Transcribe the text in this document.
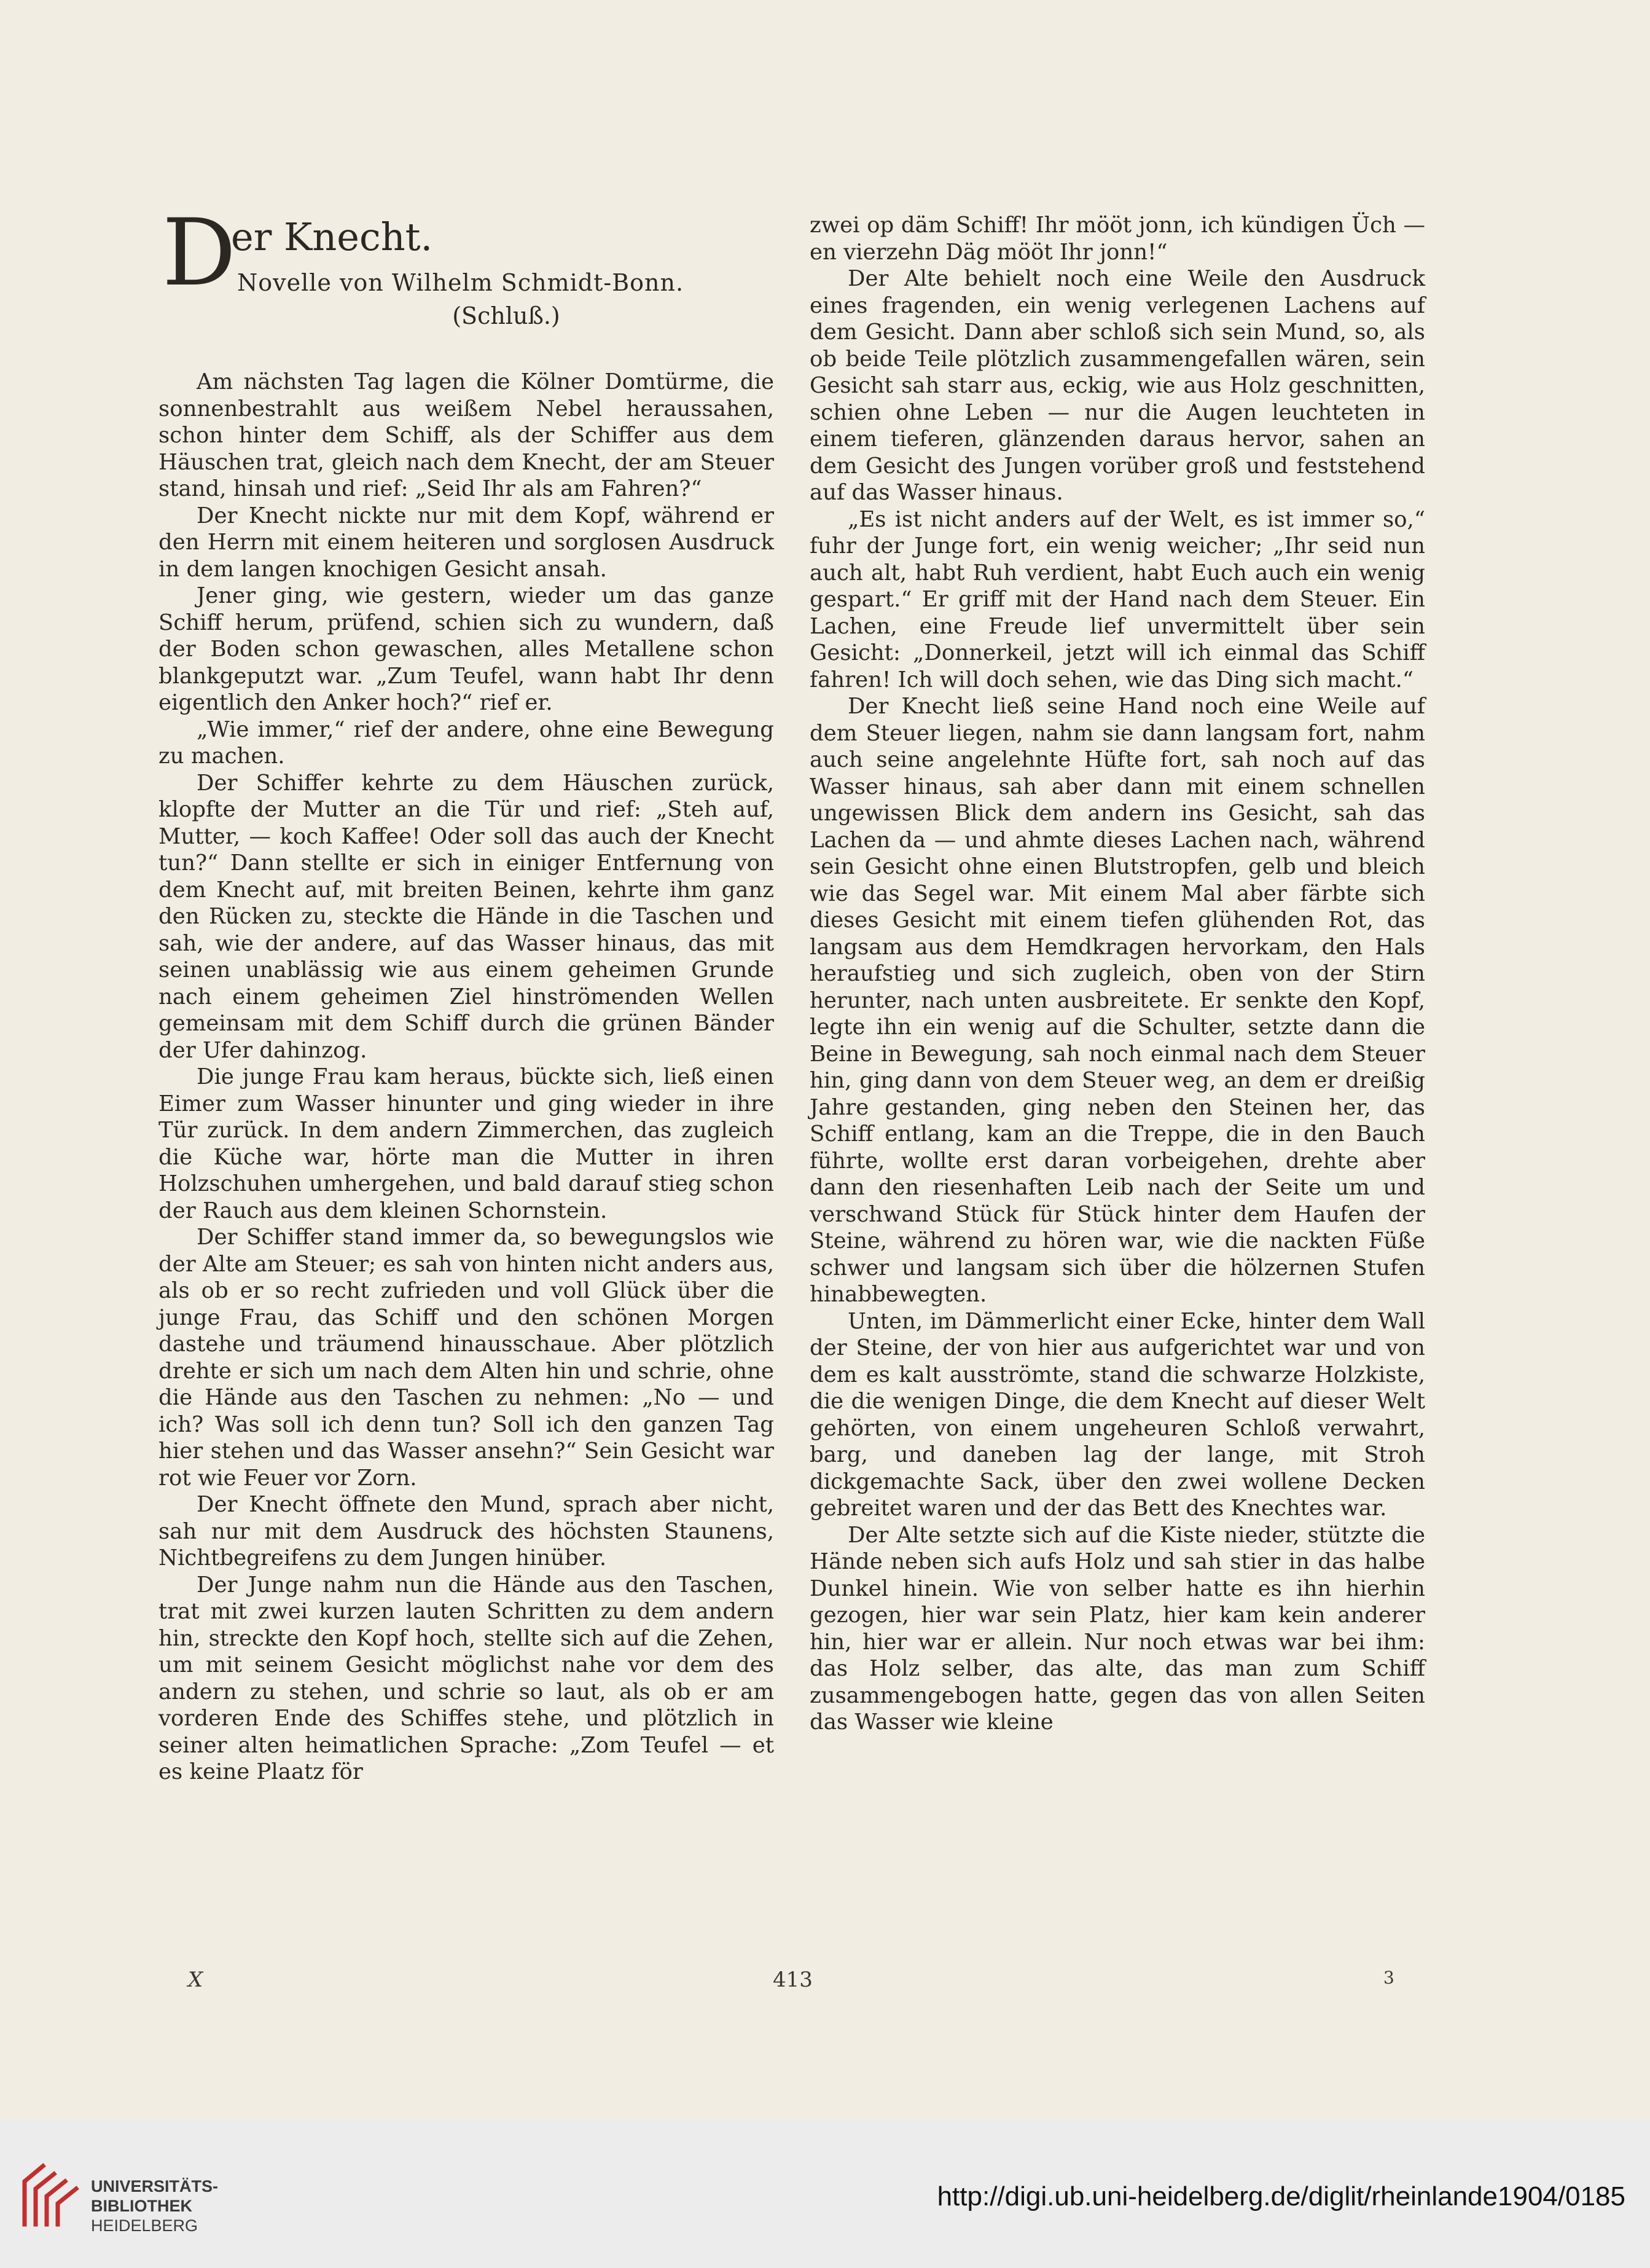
D
er Knecht.
Novelle von Wilhelm Schmidt-Bonn.
(Schluß.)

Am nächsten Tag lagen die Kölner Domtürme, die sonnenbestrahlt aus weißem Nebel heraussahen, schon hinter dem Schiff, als der Schiffer aus dem Häuschen trat, gleich nach dem Knecht, der am Steuer stand, hinsah und rief: „Seid Ihr als am Fahren?“

Der Knecht nickte nur mit dem Kopf, während er den Herrn mit einem heiteren und sorglosen Ausdruck in dem langen knochigen Gesicht ansah.

Jener ging, wie gestern, wieder um das ganze Schiff herum, prüfend, schien sich zu wundern, daß der Boden schon gewaschen, alles Metallene schon blankgeputzt war. „Zum Teufel, wann habt Ihr denn eigentlich den Anker hoch?“ rief er.

„Wie immer,“ rief der andere, ohne eine Bewegung zu machen.

Der Schiffer kehrte zu dem Häuschen zurück, klopfte der Mutter an die Tür und rief: „Steh auf, Mutter, — koch Kaffee! Oder soll das auch der Knecht tun?“ Dann stellte er sich in einiger Entfernung von dem Knecht auf, mit breiten Beinen, kehrte ihm ganz den Rücken zu, steckte die Hände in die Taschen und sah, wie der andere, auf das Wasser hinaus, das mit seinen unablässig wie aus einem geheimen Grunde nach einem geheimen Ziel hinströmenden Wellen gemeinsam mit dem Schiff durch die grünen Bänder der Ufer dahinzog.

Die junge Frau kam heraus, bückte sich, ließ einen Eimer zum Wasser hinunter und ging wieder in ihre Tür zurück. In dem andern Zimmerchen, das zugleich die Küche war, hörte man die Mutter in ihren Holzschuhen umhergehen, und bald darauf stieg schon der Rauch aus dem kleinen Schornstein.

Der Schiffer stand immer da, so bewegungslos wie der Alte am Steuer; es sah von hinten nicht anders aus, als ob er so recht zufrieden und voll Glück über die junge Frau, das Schiff und den schönen Morgen dastehe und träumend hinausschaue. Aber plötzlich drehte er sich um nach dem Alten hin und schrie, ohne die Hände aus den Taschen zu nehmen: „No — und ich? Was soll ich denn tun? Soll ich den ganzen Tag hier stehen und das Wasser ansehn?“ Sein Gesicht war rot wie Feuer vor Zorn.

Der Knecht öffnete den Mund, sprach aber nicht, sah nur mit dem Ausdruck des höchsten Staunens, Nichtbegreifens zu dem Jungen hinüber.

Der Junge nahm nun die Hände aus den Taschen, trat mit zwei kurzen lauten Schritten zu dem andern hin, streckte den Kopf hoch, stellte sich auf die Zehen, um mit seinem Gesicht möglichst nahe vor dem des andern zu stehen, und schrie so laut, als ob er am vorderen Ende des Schiffes stehe, und plötzlich in seiner alten heimatlichen Sprache: „Zom Teufel — et es keine Plaatz för

zwei op däm Schiff! Ihr mööt jonn, ich kündigen Üch — en vierzehn Däg mööt Ihr jonn!“

Der Alte behielt noch eine Weile den Ausdruck eines fragenden, ein wenig verlegenen Lachens auf dem Gesicht. Dann aber schloß sich sein Mund, so, als ob beide Teile plötzlich zusammengefallen wären, sein Gesicht sah starr aus, eckig, wie aus Holz geschnitten, schien ohne Leben — nur die Augen leuchteten in einem tieferen, glänzenden daraus hervor, sahen an dem Gesicht des Jungen vorüber groß und feststehend auf das Wasser hinaus.

„Es ist nicht anders auf der Welt, es ist immer so,“ fuhr der Junge fort, ein wenig weicher; „Ihr seid nun auch alt, habt Ruh verdient, habt Euch auch ein wenig gespart.“ Er griff mit der Hand nach dem Steuer. Ein Lachen, eine Freude lief unvermittelt über sein Gesicht: „Donnerkeil, jetzt will ich einmal das Schiff fahren! Ich will doch sehen, wie das Ding sich macht.“

Der Knecht ließ seine Hand noch eine Weile auf dem Steuer liegen, nahm sie dann langsam fort, nahm auch seine angelehnte Hüfte fort, sah noch auf das Wasser hinaus, sah aber dann mit einem schnellen ungewissen Blick dem andern ins Gesicht, sah das Lachen da — und ahmte dieses Lachen nach, während sein Gesicht ohne einen Blutstropfen, gelb und bleich wie das Segel war. Mit einem Mal aber färbte sich dieses Gesicht mit einem tiefen glühenden Rot, das langsam aus dem Hemdkragen hervorkam, den Hals heraufstieg und sich zugleich, oben von der Stirn herunter, nach unten ausbreitete. Er senkte den Kopf, legte ihn ein wenig auf die Schulter, setzte dann die Beine in Bewegung, sah noch einmal nach dem Steuer hin, ging dann von dem Steuer weg, an dem er dreißig Jahre gestanden, ging neben den Steinen her, das Schiff entlang, kam an die Treppe, die in den Bauch führte, wollte erst daran vorbeigehen, drehte aber dann den riesenhaften Leib nach der Seite um und verschwand Stück für Stück hinter dem Haufen der Steine, während zu hören war, wie die nackten Füße schwer und langsam sich über die hölzernen Stufen hinabbewegten.

Unten, im Dämmerlicht einer Ecke, hinter dem Wall der Steine, der von hier aus aufgerichtet war und von dem es kalt ausströmte, stand die schwarze Holzkiste, die die wenigen Dinge, die dem Knecht auf dieser Welt gehörten, von einem ungeheuren Schloß verwahrt, barg, und daneben lag der lange, mit Stroh dickgemachte Sack, über den zwei wollene Decken gebreitet waren und der das Bett des Knechtes war.

Der Alte setzte sich auf die Kiste nieder, stützte die Hände neben sich aufs Holz und sah stier in das halbe Dunkel hinein. Wie von selber hatte es ihn hierhin gezogen, hier war sein Platz, hier kam kein anderer hin, hier war er allein. Nur noch etwas war bei ihm: das Holz selber, das alte, das man zum Schiff zusammengebogen hatte, gegen das von allen Seiten das Wasser wie kleine

X	413	3
UNIVERSITÄTS-
BIBLIOTHEK
HEIDELBERG
http://digi.ub.uni-heidelberg.de/diglit/rheinlande1904/0185
